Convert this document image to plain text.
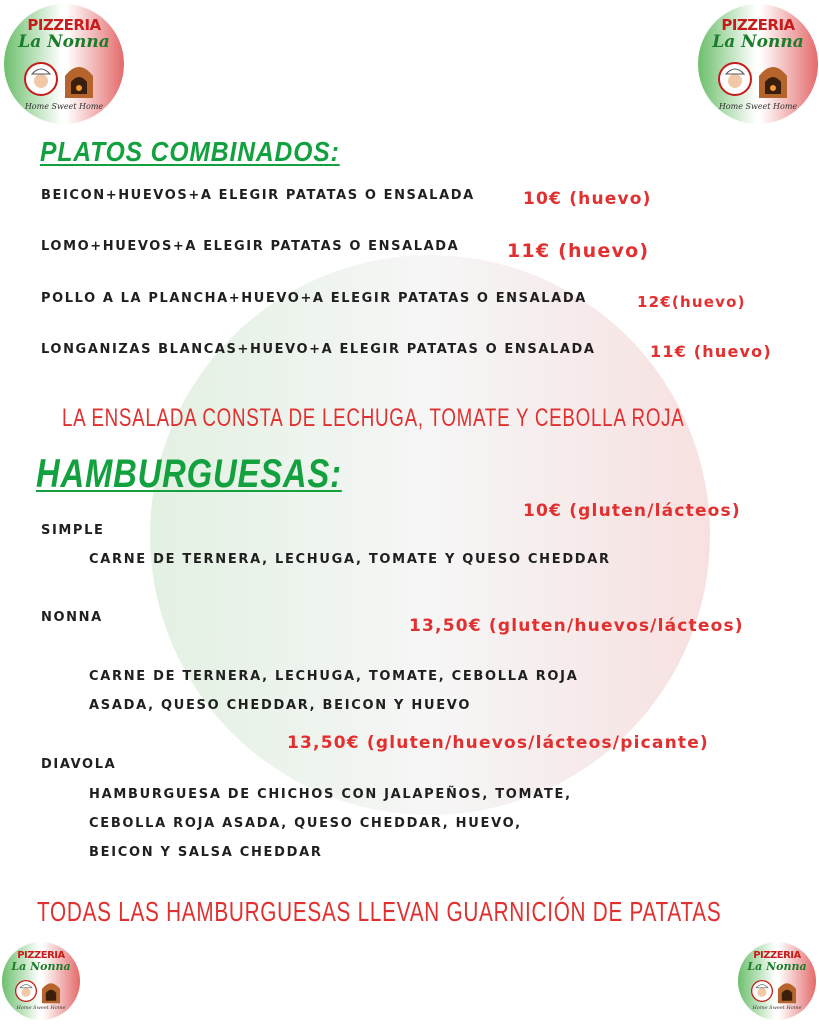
PIZZERIA
La Nonna
Home Sweet Home
PIZZERIA
La Nonna
Home Sweet Home
PIZZERIA
La Nonna
Home Sweet Home
PIZZERIA
La Nonna
Home Sweet Home
PLATOS COMBINADOS:
BEICON+HUEVOS+A ELEGIR PATATAS O ENSALADA	10€ (huevo)
LOMO+HUEVOS+A ELEGIR PATATAS O ENSALADA	11€ (huevo)
POLLO A LA PLANCHA+HUEVO+A ELEGIR PATATAS O ENSALADA	12€(huevo)
LONGANIZAS BLANCAS+HUEVO+A ELEGIR PATATAS O ENSALADA	11€ (huevo)
LA ENSALADA CONSTA DE LECHUGA, TOMATE Y CEBOLLA ROJA
HAMBURGUESAS:
10€ (gluten/lácteos)
SIMPLE
CARNE DE TERNERA, LECHUGA, TOMATE Y QUESO CHEDDAR
NONNA	13,50€ (gluten/huevos/lácteos)
CARNE DE TERNERA, LECHUGA, TOMATE, CEBOLLA ROJA
ASADA, QUESO CHEDDAR, BEICON Y HUEVO
13,50€ (gluten/huevos/lácteos/picante)
DIAVOLA
HAMBURGUESA DE CHICHOS CON JALAPEÑOS, TOMATE,
CEBOLLA ROJA ASADA, QUESO CHEDDAR, HUEVO,
BEICON Y SALSA CHEDDAR
TODAS LAS HAMBURGUESAS LLEVAN GUARNICIÓN DE PATATAS
